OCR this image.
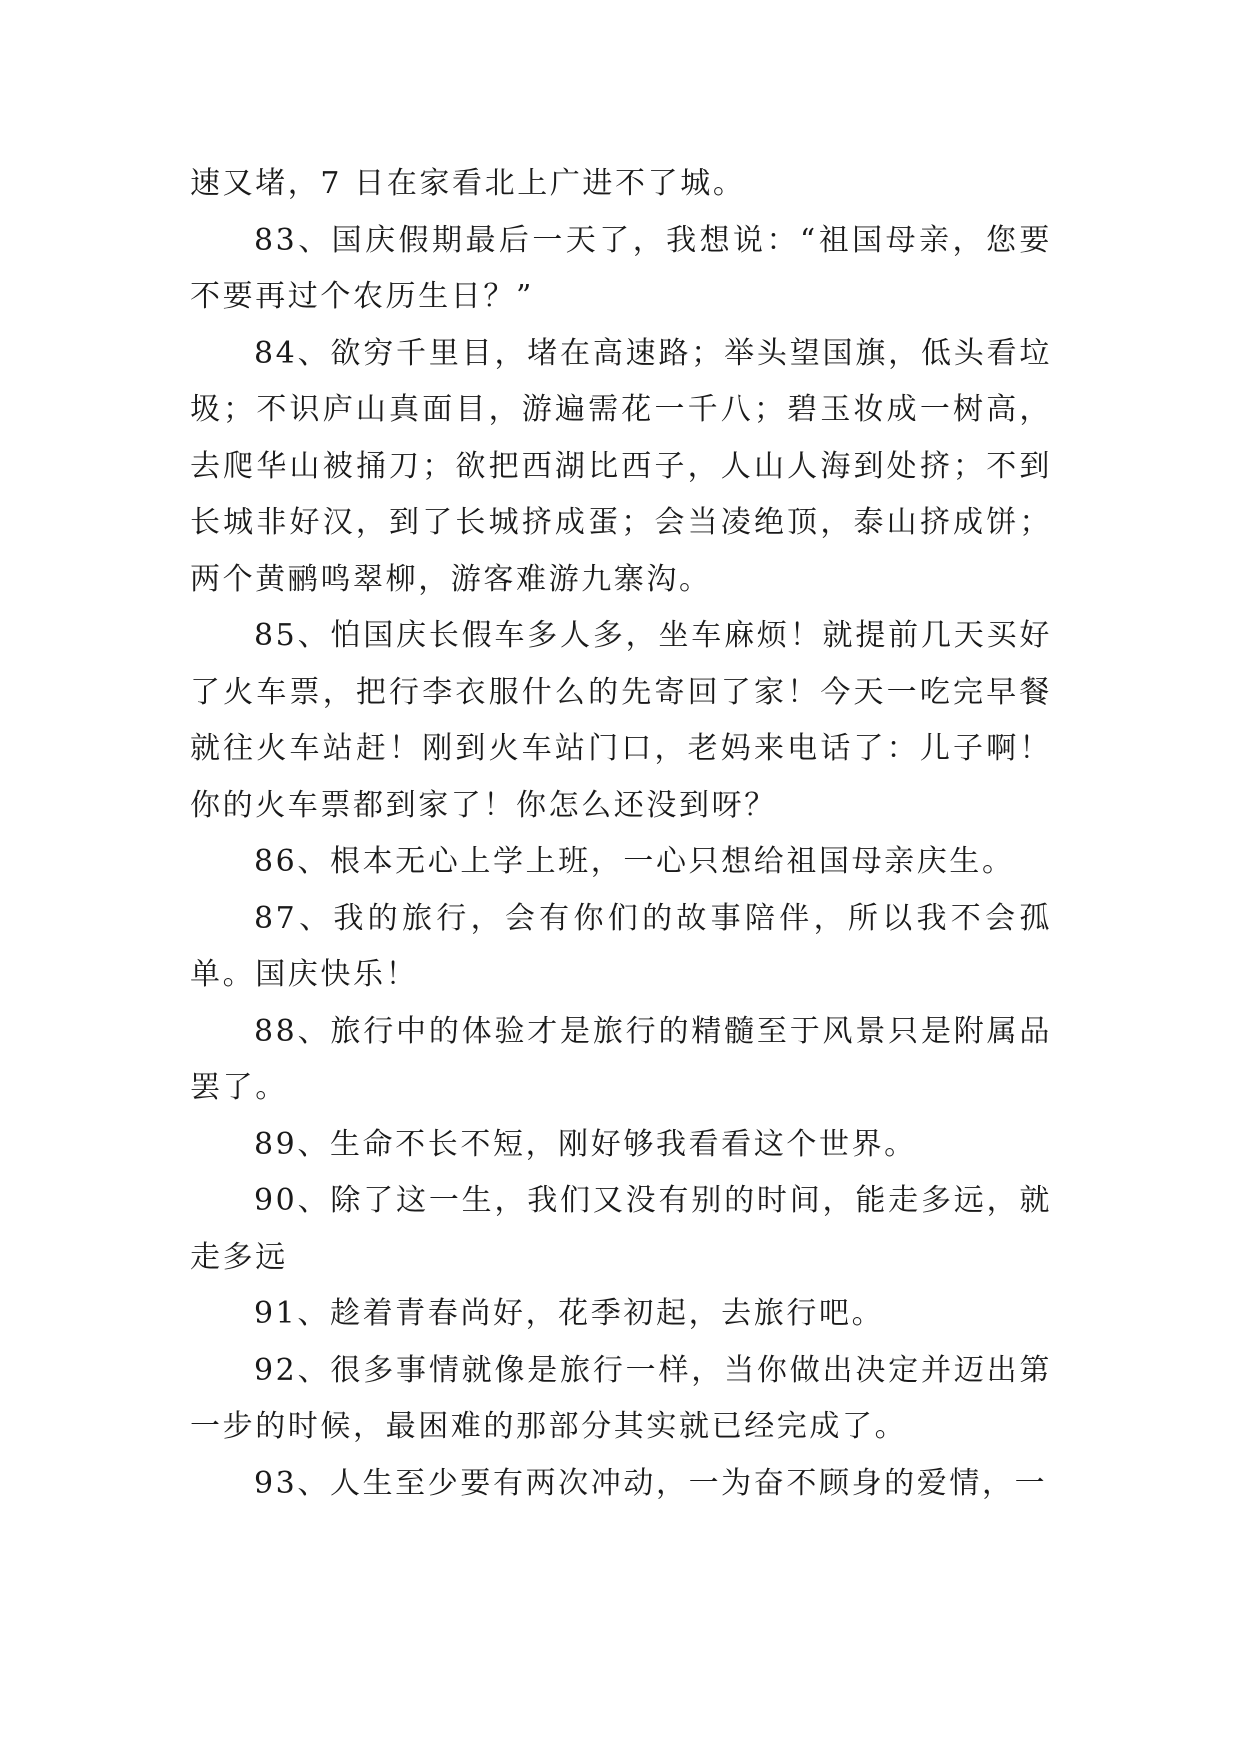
速又堵，7 日在家看北上广进不了城。

83、国庆假期最后一天了，我想说：“祖国母亲，您要不要再过个农历生日？”

84、欲穷千里目，堵在高速路；举头望国旗，低头看垃圾；不识庐山真面目，游遍需花一千八；碧玉妆成一树高，去爬华山被捅刀；欲把西湖比西子，人山人海到处挤；不到长城非好汉，到了长城挤成蛋；会当凌绝顶，泰山挤成饼；两个黄鹂鸣翠柳，游客难游九寨沟。

85、怕国庆长假车多人多，坐车麻烦！就提前几天买好了火车票，把行李衣服什么的先寄回了家！今天一吃完早餐就往火车站赶！刚到火车站门口，老妈来电话了：儿子啊！你的火车票都到家了！你怎么还没到呀？

86、根本无心上学上班，一心只想给祖国母亲庆生。

87、我的旅行，会有你们的故事陪伴，所以我不会孤单。国庆快乐！

88、旅行中的体验才是旅行的精髓至于风景只是附属品罢了。

89、生命不长不短，刚好够我看看这个世界。

90、除了这一生，我们又没有别的时间，能走多远，就走多远

91、趁着青春尚好，花季初起，去旅行吧。

92、很多事情就像是旅行一样，当你做出决定并迈出第一步的时候，最困难的那部分其实就已经完成了。

93、人生至少要有两次冲动，一为奋不顾身的爱情，一
